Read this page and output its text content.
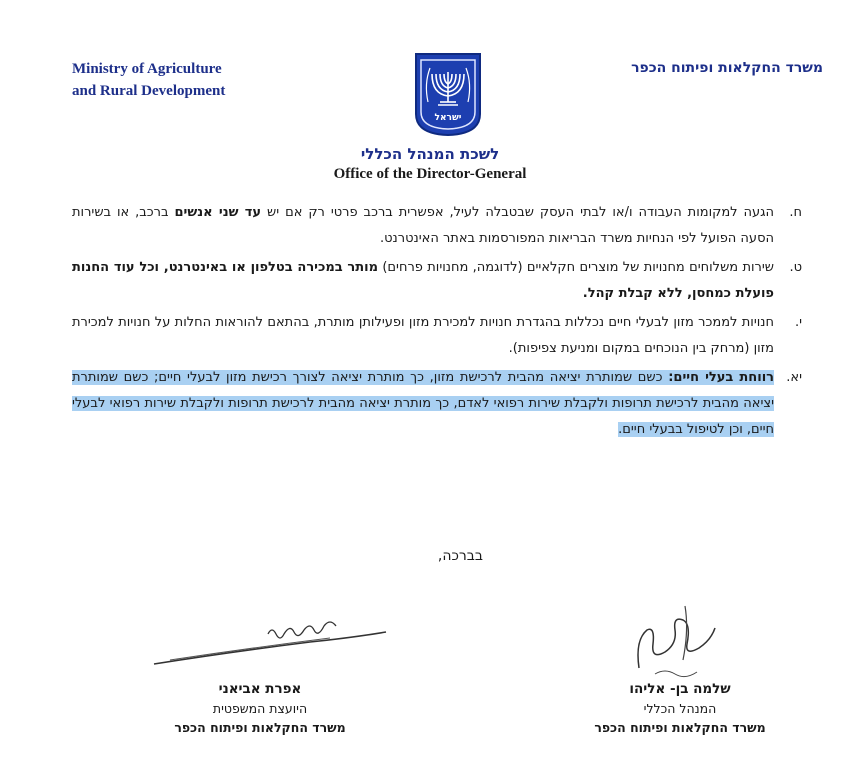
Ministry of Agriculture
and Rural Development
משרד החקלאות ופיתוח הכפר
ישראל
לשכת המנהל הכללי
Office of the Director-General
ח.
הגעה למקומות העבודה ו/או לבתי העסק שבטבלה לעיל, אפשרית ברכב פרטי רק אם יש עד שני אנשים ברכב, או בשירות הסעה הפועל לפי הנחיות משרד הבריאות המפורסמות באתר האינטרנט.
ט.
שירות משלוחים מחנויות של מוצרים חקלאיים (לדוגמה, מחנויות פרחים) מותר במכירה בטלפון או באינטרנט, וכל עוד החנות פועלת כמחסן, ללא קבלת קהל.
י.
חנויות לממכר מזון לבעלי חיים נכללות בהגדרת חנויות למכירת מזון ופעילותן מותרת, בהתאם להוראות החלות על חנויות למכירת מזון (מרחק בין הנוכחים במקום ומניעת צפיפות).
יא.
רווחת בעלי חיים: כשם שמותרת יציאה מהבית לרכישת מזון, כך מותרת יציאה לצורך רכישת מזון לבעלי חיים; כשם שמותרת יציאה מהבית לרכישת תרופות ולקבלת שירות רפואי לאדם, כך מותרת יציאה מהבית לרכישת תרופות ולקבלת שירות רפואי לבעלי חיים, וכן לטיפול בבעלי חיים.
בברכה,
שלמה בן- אליהו
המנהל הכללי
משרד החקלאות ופיתוח הכפר
אפרת אביאני
היועצת המשפטית
משרד החקלאות ופיתוח הכפר
